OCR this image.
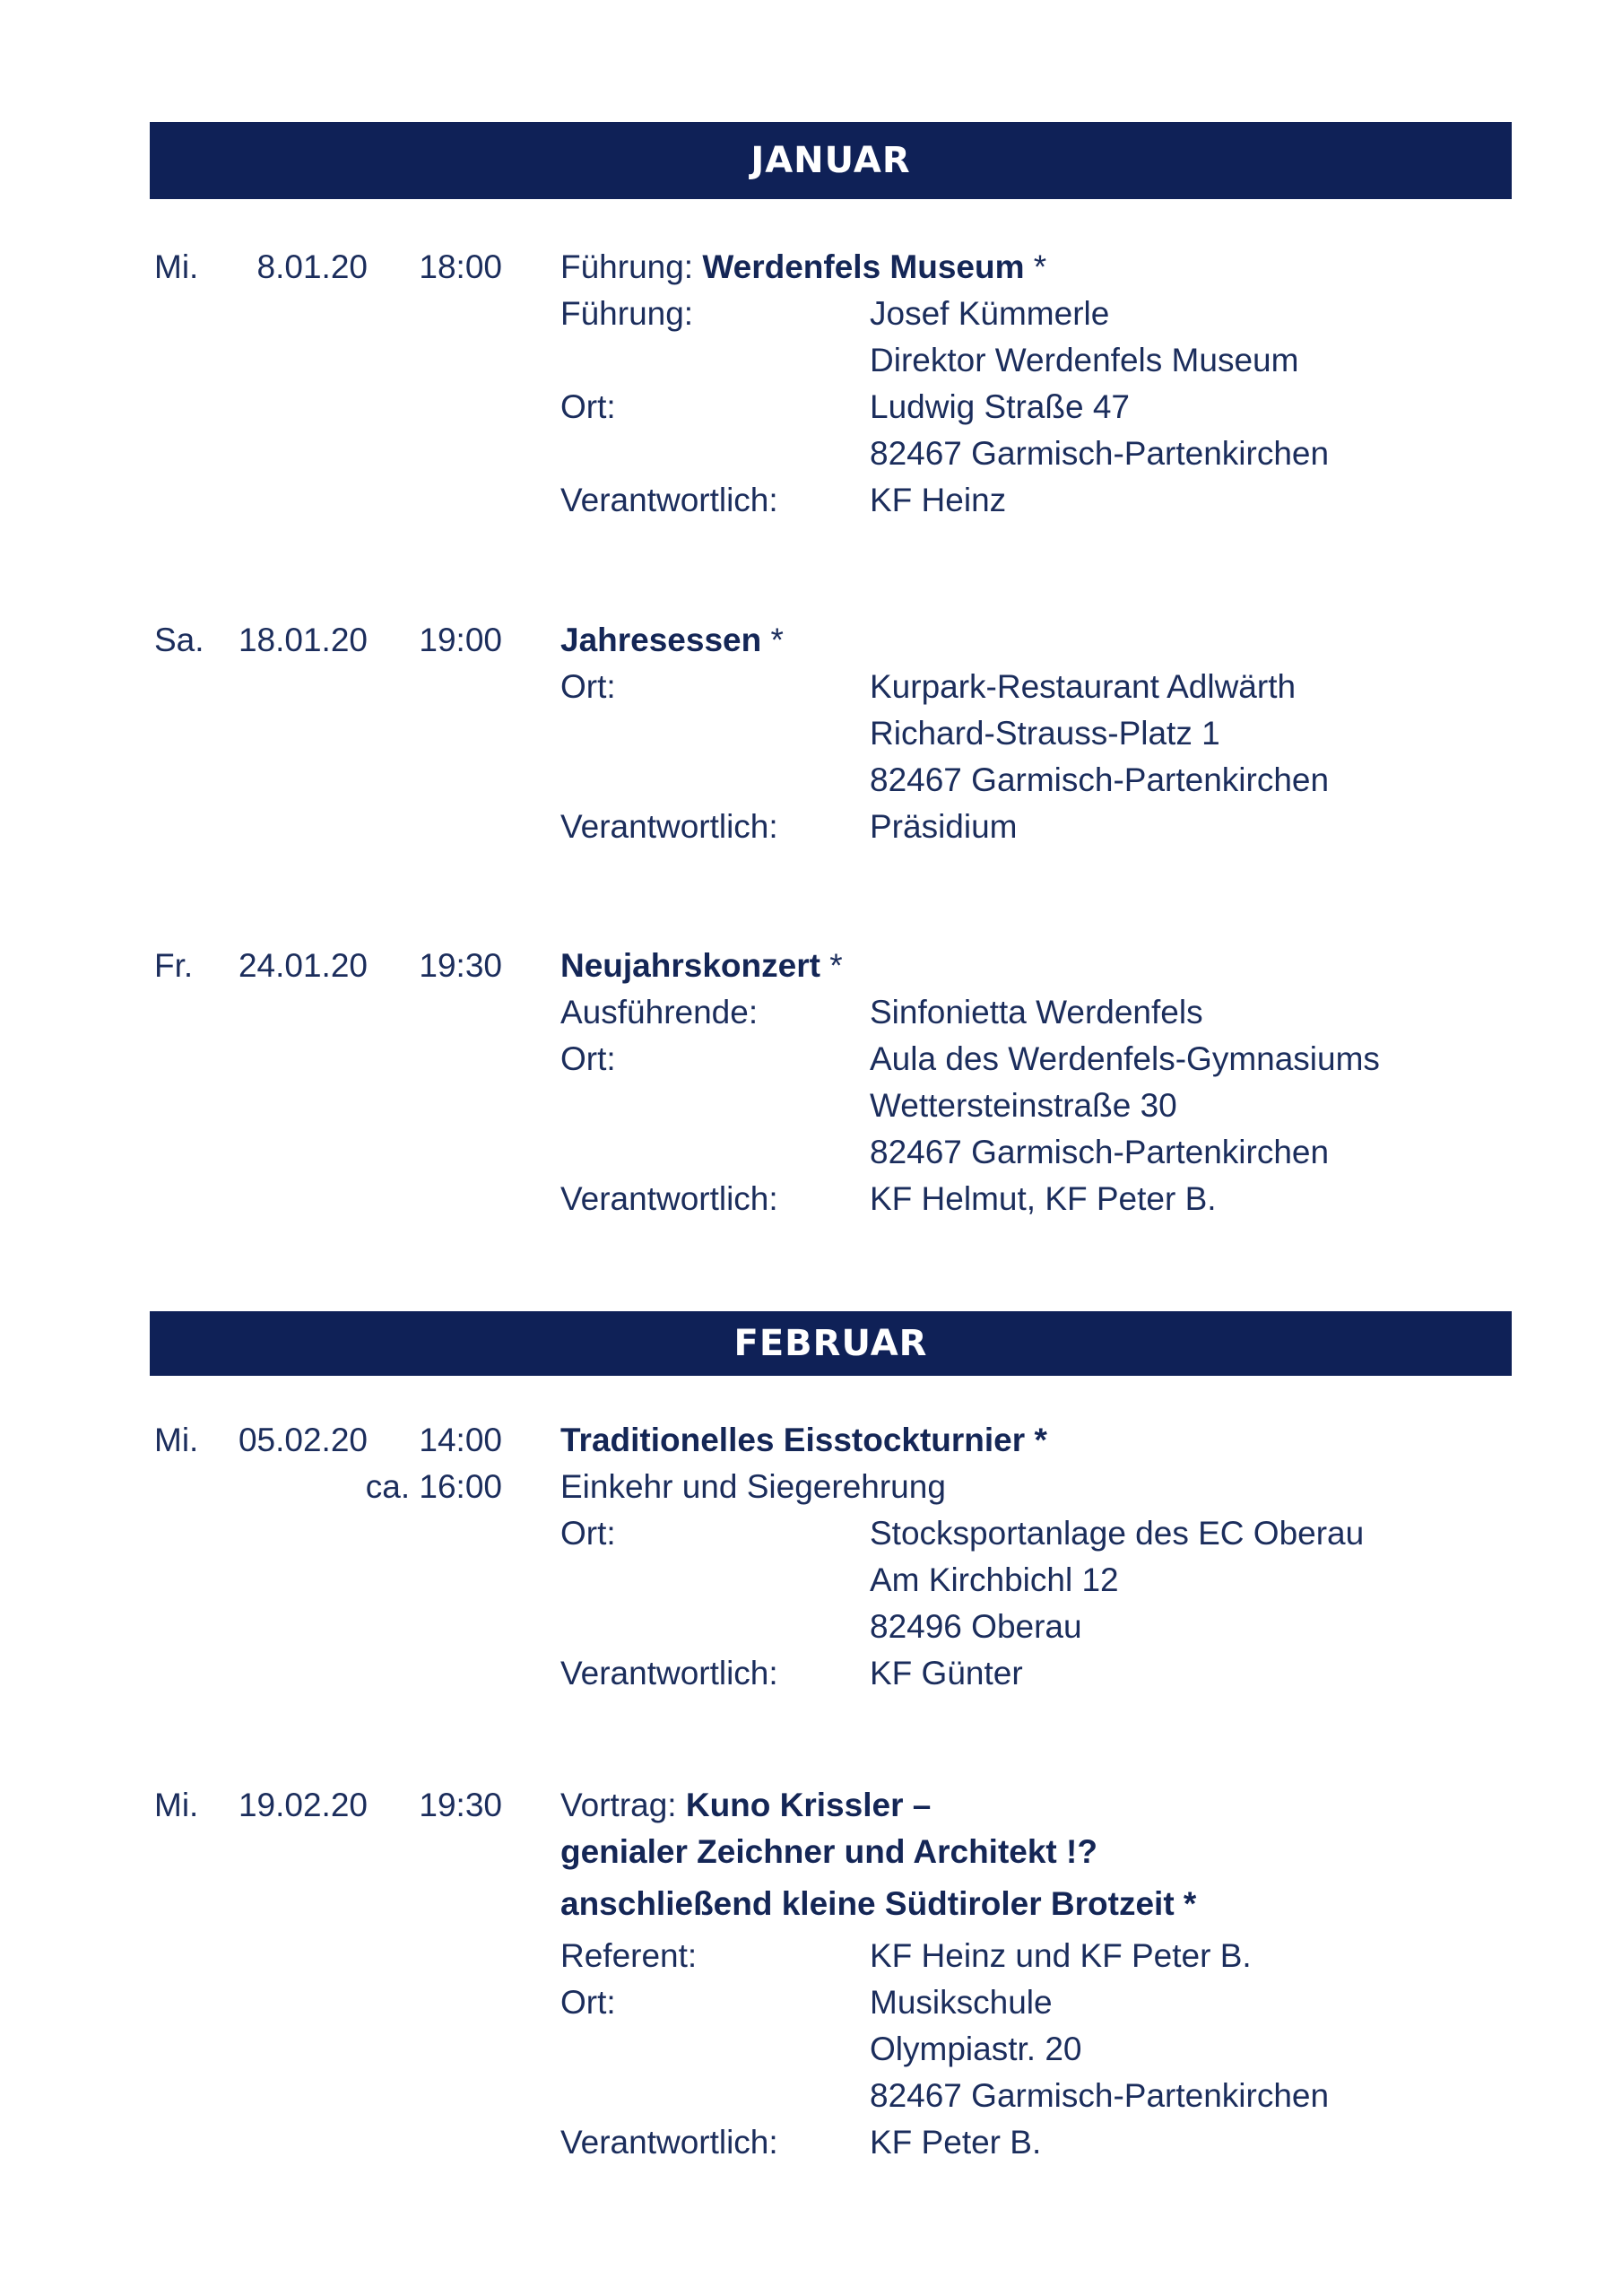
JANUAR
Mi.	8.01.20	18:00 Führung: Werdenfels Museum *
Führung:	Josef Kümmerle
Direktor Werdenfels Museum
Ort:	Ludwig Straße 47
82467 Garmisch-Partenkirchen
Verantwortlich:	KF Heinz
Sa.	18.01.20	19:00 Jahresessen *
Ort:	Kurpark-Restaurant Adlwärth
Richard-Strauss-Platz 1
82467 Garmisch-Partenkirchen
Verantwortlich:	Präsidium
Fr.	24.01.20	19:30 Neujahrskonzert *
Ausführende:	Sinfonietta Werdenfels
Ort:	Aula des Werdenfels-Gymnasiums
Wettersteinstraße 30
82467 Garmisch-Partenkirchen
Verantwortlich:	KF Helmut, KF Peter B.
FEBRUAR
Mi.	05.02.20	14:00 Traditionelles Eisstockturnier *
ca. 16:00 Einkehr und Siegerehrung
Ort:	Stocksportanlage des EC Oberau
Am Kirchbichl 12
82496 Oberau
Verantwortlich:	KF Günter
Mi.	19.02.20	19:30 Vortrag: Kuno Krissler –
genialer Zeichner und Architekt !?
anschließend kleine Südtiroler Brotzeit *
Referent:	KF Heinz und KF Peter B.
Ort:	Musikschule
Olympiastr. 20
82467 Garmisch-Partenkirchen
Verantwortlich:	KF Peter B.
